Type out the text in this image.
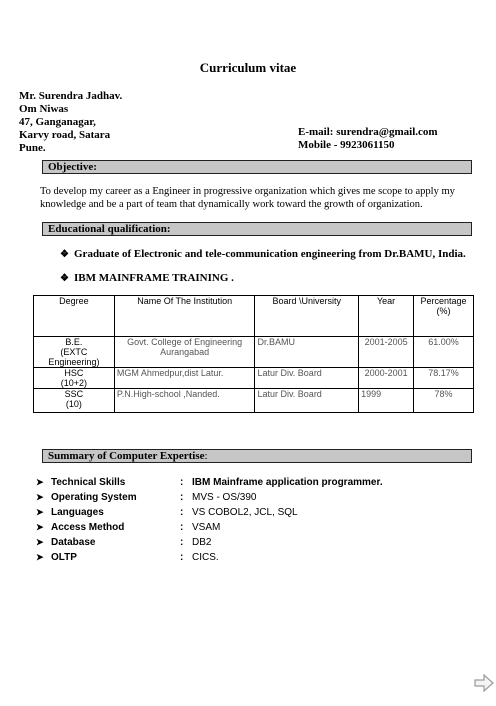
Curriculum vitae
Mr. Surendra Jadhav.
Om Niwas
47, Ganganagar,
Karvy road, Satara
Pune.
E-mail: surendra@gmail.com
Mobile - 9923061150
Objective:
To develop my career as a Engineer in progressive organization which gives me scope to apply my knowledge and be a part of team that dynamically work toward the growth of organization.
Educational qualification:
❖ Graduate of Electronic and tele-communication engineering from Dr.BAMU, India.
❖ IBM MAINFRAME TRAINING .
Degree	Name Of The Institution	Board \University	Year	Percentage (%)

B.E.
(EXTC Engineering)	Govt. College of Engineering Aurangabad	Dr.BAMU	2001-2005	61.00%

HSC
(10+2)	MGM Ahmedpur,dist Latur.	Latur Div. Board	2000-2001	78.17%

SSC
(10)	P.N.High-school ,Nanded.	Latur Div. Board	1999	78%
Summary of Computer Expertise:
➤ Technical Skills	: IBM Mainframe application programmer.
➤ Operating System	: MVS - OS/390
➤ Languages	: VS COBOL2, JCL, SQL
➤ Access Method	: VSAM
➤ Database	: DB2
➤ OLTP	: CICS.
